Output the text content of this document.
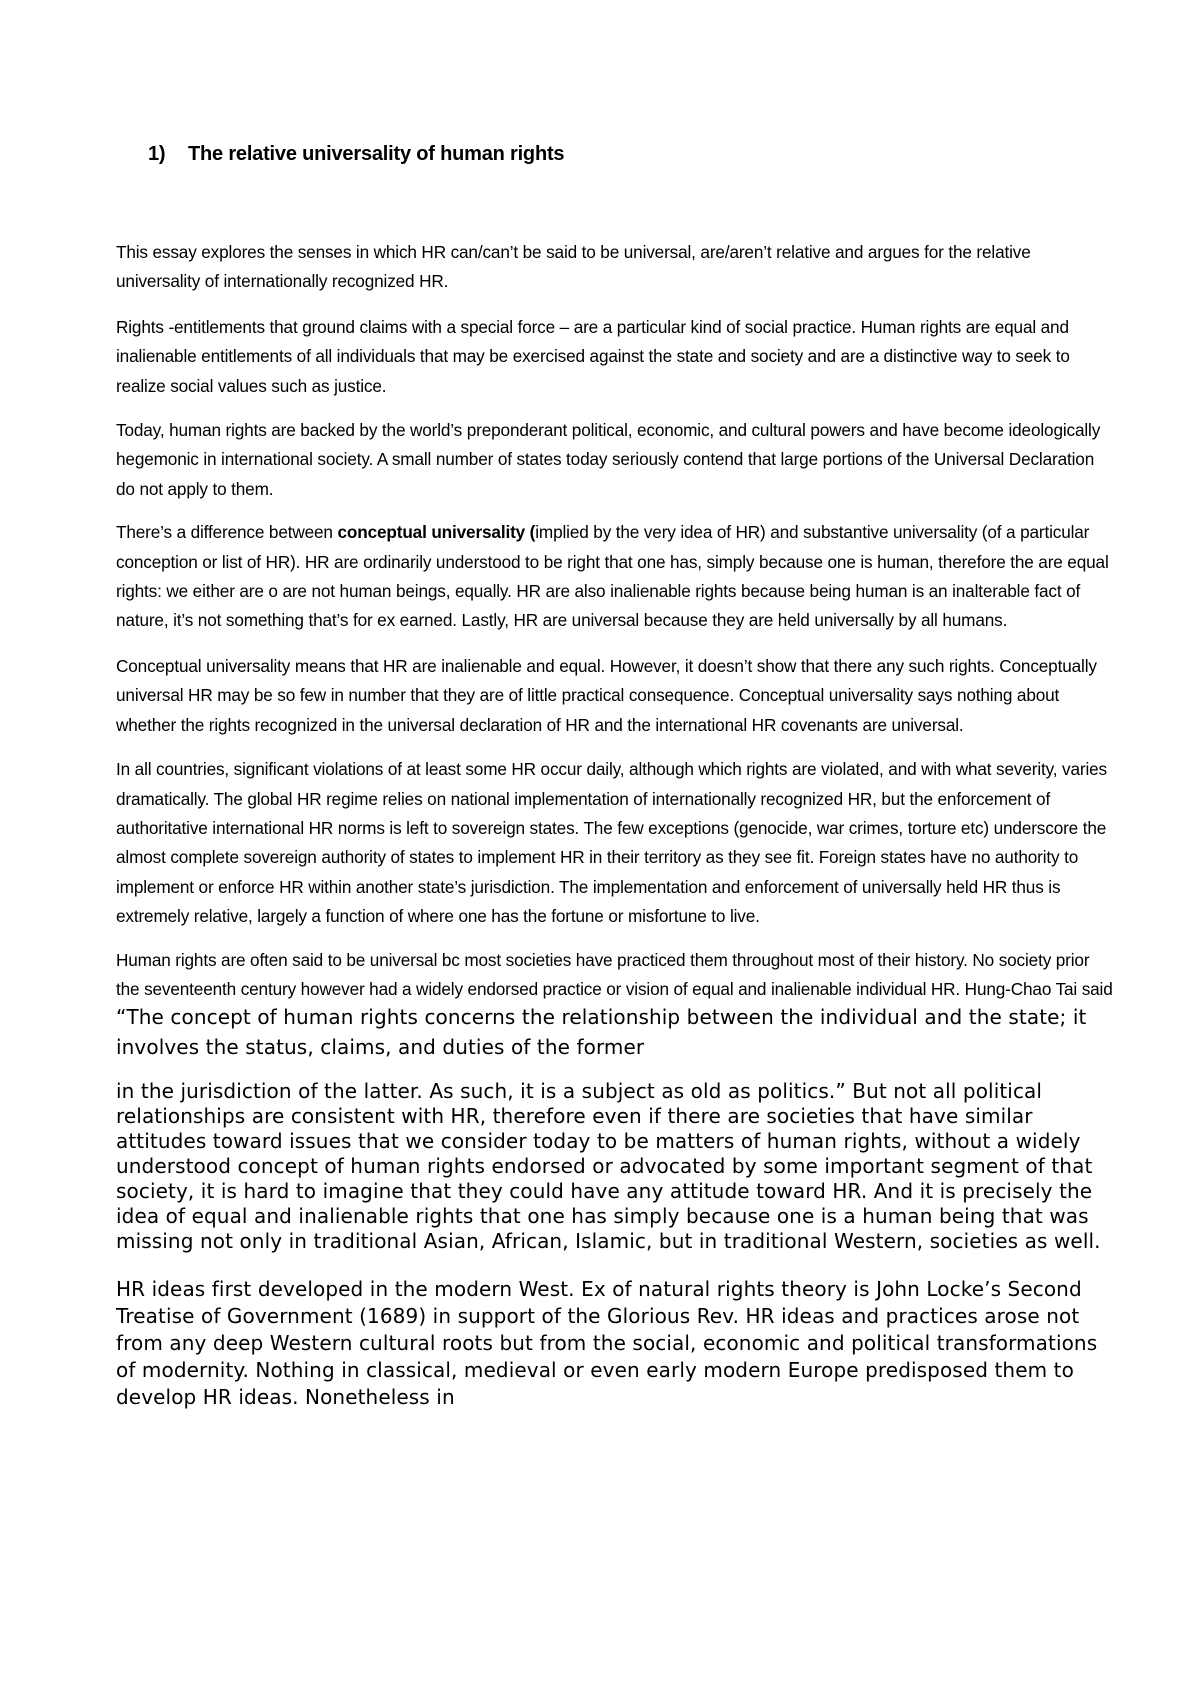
1) The relative universality of human rights

This essay explores the senses in which HR can/can’t be said to be universal, are/aren’t relative and argues for the relative universality of internationally recognized HR.

Rights -entitlements that ground claims with a special force – are a particular kind of social practice. Human rights are equal and inalienable entitlements of all individuals that may be exercised against the state and society and are a distinctive way to seek to realize social values such as justice.

Today, human rights are backed by the world’s preponderant political, economic, and cultural powers and have become ideologically hegemonic in international society. A small number of states today seriously contend that large portions of the Universal Declaration do not apply to them.

There’s a difference between conceptual universality (implied by the very idea of HR) and substantive universality (of a particular conception or list of HR). HR are ordinarily understood to be right that one has, simply because one is human, therefore the are equal rights: we either are o are not human beings, equally. HR are also inalienable rights because being human is an inalterable fact of nature, it’s not something that’s for ex earned. Lastly, HR are universal because they are held universally by all humans.

Conceptual universality means that HR are inalienable and equal. However, it doesn’t show that there any such rights. Conceptually universal HR may be so few in number that they are of little practical consequence. Conceptual universality says nothing about whether the rights recognized in the universal declaration of HR and the international HR covenants are universal.

In all countries, significant violations of at least some HR occur daily, although which rights are violated, and with what severity, varies dramatically. The global HR regime relies on national implementation of internationally recognized HR, but the enforcement of authoritative international HR norms is left to sovereign states. The few exceptions (genocide, war crimes, torture etc) underscore the almost complete sovereign authority of states to implement HR in their territory as they see fit. Foreign states have no authority to implement or enforce HR within another state’s jurisdiction. The implementation and enforcement of universally held HR thus is extremely relative, largely a function of where one has the fortune or misfortune to live.

Human rights are often said to be universal bc most societies have practiced them throughout most of their history. No society prior the seventeenth century however had a widely endorsed practice or vision of equal and inalienable individual HR. Hung-Chao Tai said “The concept of human rights concerns the relationship between the individual and the state; it involves the status, claims, and duties of the former

in the jurisdiction of the latter. As such, it is a subject as old as politics.” But not all political relationships are consistent with HR, therefore even if there are societies that have similar attitudes toward issues that we consider today to be matters of human rights, without a widely understood concept of human rights endorsed or advocated by some important segment of that society, it is hard to imagine that they could have any attitude toward HR. And it is precisely the idea of equal and inalienable rights that one has simply because one is a human being that was missing not only in traditional Asian, African, Islamic, but in traditional Western, societies as well.

HR ideas first developed in the modern West. Ex of natural rights theory is John Locke’s Second Treatise of Government (1689) in support of the Glorious Rev. HR ideas and practices arose not from any deep Western cultural roots but from the social, economic and political transformations of modernity. Nothing in classical, medieval or even early modern Europe predisposed them to develop HR ideas. Nonetheless in
